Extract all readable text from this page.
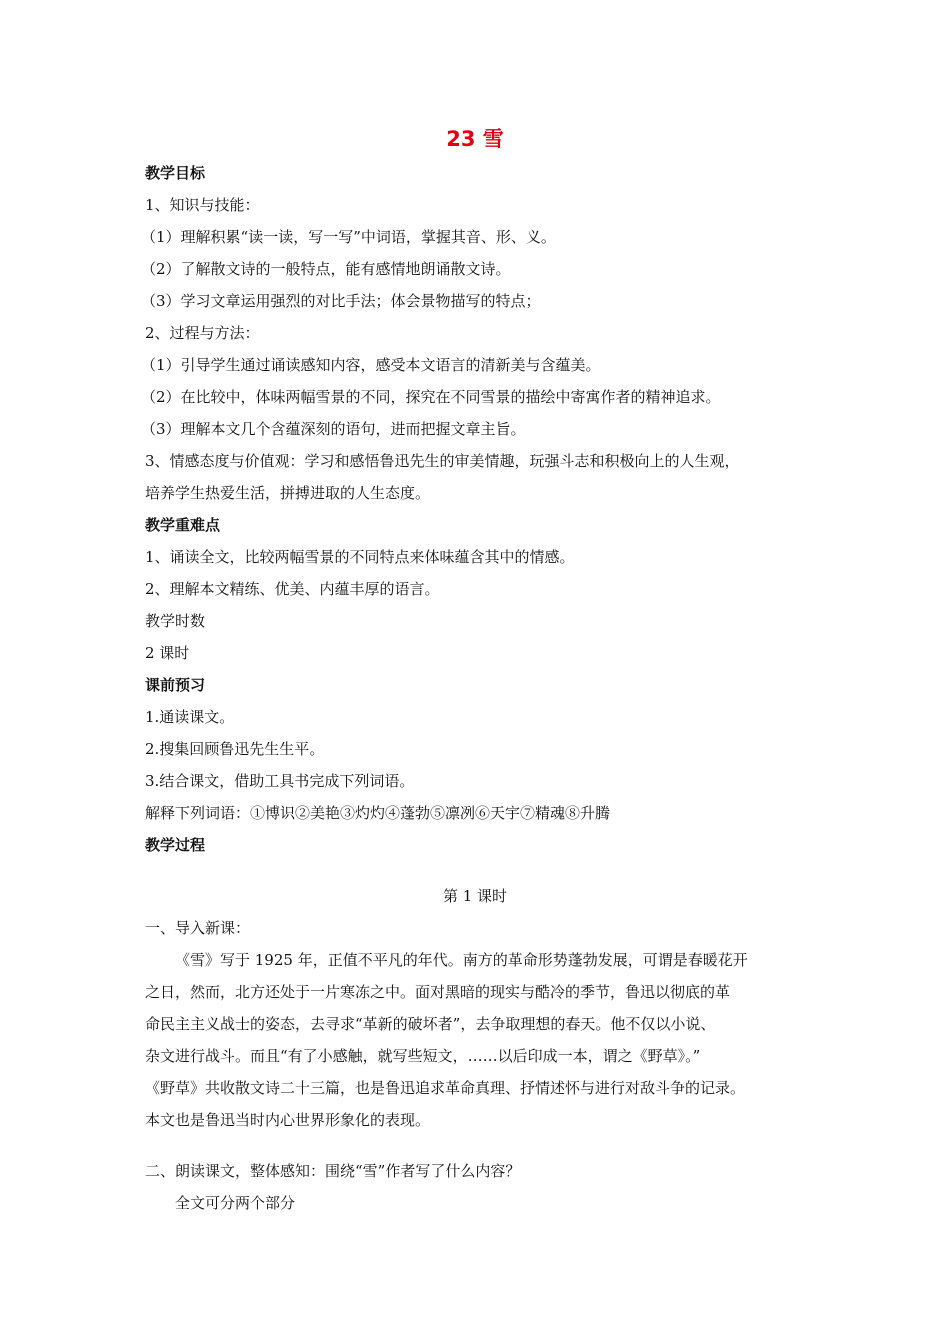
23 雪
教学目标
1、知识与技能：
（1）理解积累“读一读，写一写”中词语，掌握其音、形、义。
（2）了解散文诗的一般特点，能有感情地朗诵散文诗。
（3）学习文章运用强烈的对比手法；体会景物描写的特点；
2、过程与方法：
（1）引导学生通过诵读感知内容，感受本文语言的清新美与含蕴美。
（2）在比较中，体味两幅雪景的不同，探究在不同雪景的描绘中寄寓作者的精神追求。
（3）理解本文几个含蕴深刻的语句，进而把握文章主旨。
3、情感态度与价值观：学习和感悟鲁迅先生的审美情趣，玩强斗志和积极向上的人生观，
培养学生热爱生活，拼搏进取的人生态度。
教学重难点
1、诵读全文，比较两幅雪景的不同特点来体味蕴含其中的情感。
2、理解本文精练、优美、内蕴丰厚的语言。
教学时数
2 课时
课前预习
1.通读课文。
2.搜集回顾鲁迅先生生平。
3.结合课文，借助工具书完成下列词语。
解释下列词语：①博识②美艳③灼灼④蓬勃⑤凛冽⑥天宇⑦精魂⑧升腾
教学过程
第 1 课时
一、导入新课：
《雪》写于 1925 年，正值不平凡的年代。南方的革命形势蓬勃发展，可谓是春暖花开
之日，然而，北方还处于一片寒冻之中。面对黑暗的现实与酷冷的季节，鲁迅以彻底的革
命民主主义战士的姿态，去寻求“革新的破坏者”，去争取理想的春天。他不仅以小说、
杂文进行战斗。而且“有了小感触，就写些短文，……以后印成一本，谓之《野草》。”
《野草》共收散文诗二十三篇，也是鲁迅追求革命真理、抒情述怀与进行对敌斗争的记录。
本文也是鲁迅当时内心世界形象化的表现。
二、朗读课文，整体感知：围绕“雪”作者写了什么内容？
全文可分两个部分
